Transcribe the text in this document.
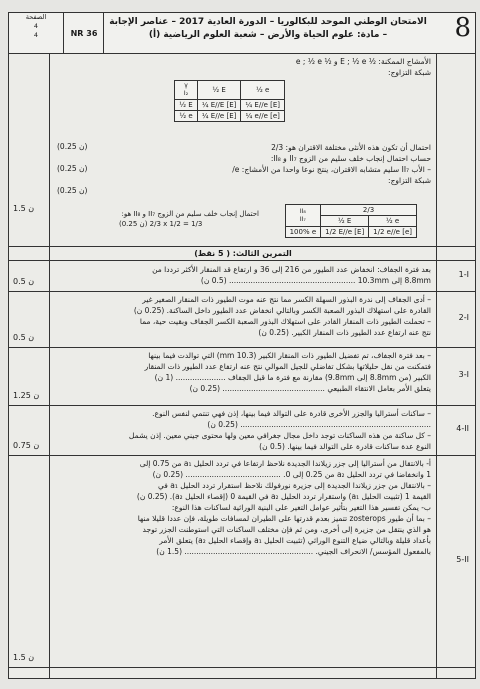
الصفحة
4
4	NR 36
الامتحان الوطني الموحد للبكالوريا – الدورة العادية 2017 – عناصر الإجابة
– مادة: علوم الحياة والأرض – شعبة العلوم الرياضية (أ)	8
الأمشاج الممكنة: ½ E ; ½ e و ½ e ; ½ e
شبكة التزاوج:
γ
I₂	½ E	½ e
½ E	¼ E//E [E]	¼ E//e [E]
½ e	¼ E//e [E]	¼ e//e [e]
احتمال أن تكون هذه الأنثى مختلفة الاقتران هو: 2/3
(0.25 ن)
حساب احتمال إنجاب خلف سليم من الزوج II₇ و II₈:
– الأب II₇ سليم متشابه الاقتران، ينتج نوعا واحدا من الأمشاج: e/
(0.25 ن)
شبكة التزاوج:
(0.25 ن)
II₈
II₇	2/3	
	½ E	½ e
100% e	1/2 E//e [E]	1/2 e//e [e]
احتمال إنجاب خلف سليم من الزوج II₇ و II₈ هو:
(0.25 ن) 2/3 x 1/2 = 1/3
1.5 ن
التمرين الثالث: ( 5 نقط)
1-I
0.5 ن
بعد فترة الجفاف: انخفاض عدد الطيور من 216 إلى 36 و ارتفاع قد المنقار الأكثر ترددا من
8.8mm إلى 10.3mm ..................................................... (0.5 ن)
2-I
0.5 ن
– أدى الجفاف إلى ندرة البذور السهلة الكسر مما نتج عنه موت الطيور ذات المنقار الصغير غير
القادرة على استهلاك البذور الصعبة الكسر وبالتالي انخفاض عدد الطيور داخل الساكنة. (0.25 ن)
– تحملت الطيور ذات المنقار القادر على استهلاك البذور الصعبة الكسر الجفاف وبقيت حية، مما
نتج عنه ارتفاع عدد الطيور ذات المنقار الكبير. (0.25 ن)
3-I
1.25 ن
– بعد فترة الجفاف، تم تفضيل الطيور ذات المنقار الكبير (10.3 mm) التي توالدت فيما بينها
فتمكنت من نقل حليلاتها بشكل تفاضلي للجيل الموالي نتج عنه ارتفاع عدد الطيور ذات المنقار
الكبير (من 8.8mm إلى 9.8mm) مقارنة مع فترة ما قبل الجفاف ..................... (1 ن)
يتعلق الأمر بعامل الانتقاء الطبيعي ........................................... (0.25 ن)
4-II
0.75 ن
– ساكنات أستراليا والجزر الأخرى قادرة على التوالد فيما بينها، إذن فهي تنتمي لنفس النوع.
................................................................................ (0.25 ن)
– كل ساكنة من هذه الساكنات توجد داخل مجال جغرافي معين ولها محتوى جيني معين. إذن يشمل
النوع عدة ساكنات قادرة على التوالد فيما بينها. (0.5 ن)
5-II
1.5 ن
أ- بالانتقال من أستراليا إلى جزر زيلاندا الجديدة نلاحظ ارتفاعا في تردد الحليل a₁ من 0.75 إلى
1 وانخفاضا في تردد الحليل a₂ من 0.25 إلى 0. ........................................ (0.25 ن)
– بالانتقال من جزر زيلاندا الجديدة إلى جزيرة نورفولك نلاحظ استقرار تردد الحليل a₁ في
القيمة 1 (تثبيت الحليل a₁) واستقرار تردد الحليل a₂ في القيمة 0 (إقصاء الحليل a₂). (0.25 ن)
ب- يمكن تفسير هذا التغير بتأثير عوامل التغير على البنية الوراثية لساكنات هذا النوع:
– بما أن طيور zosterops تتميز بعدم قدرتها على الطيران لمسافات طويلة، فإن عددا قليلا منها
هو الذي ينتقل من جزيرة إلى أخرى، ومن ثم فإن مختلف الساكنات التي استوطنت الجزر توجد
بأعداد قليلة وبالتالي ضياع التنوع الوراثي (تثبيت الحليل a₁ وإقصاء الحليل a₂) يتعلق الأمر
بالمفعول المؤسس/ الانحراف الجيني. ...................................................... (1.5 ن)
